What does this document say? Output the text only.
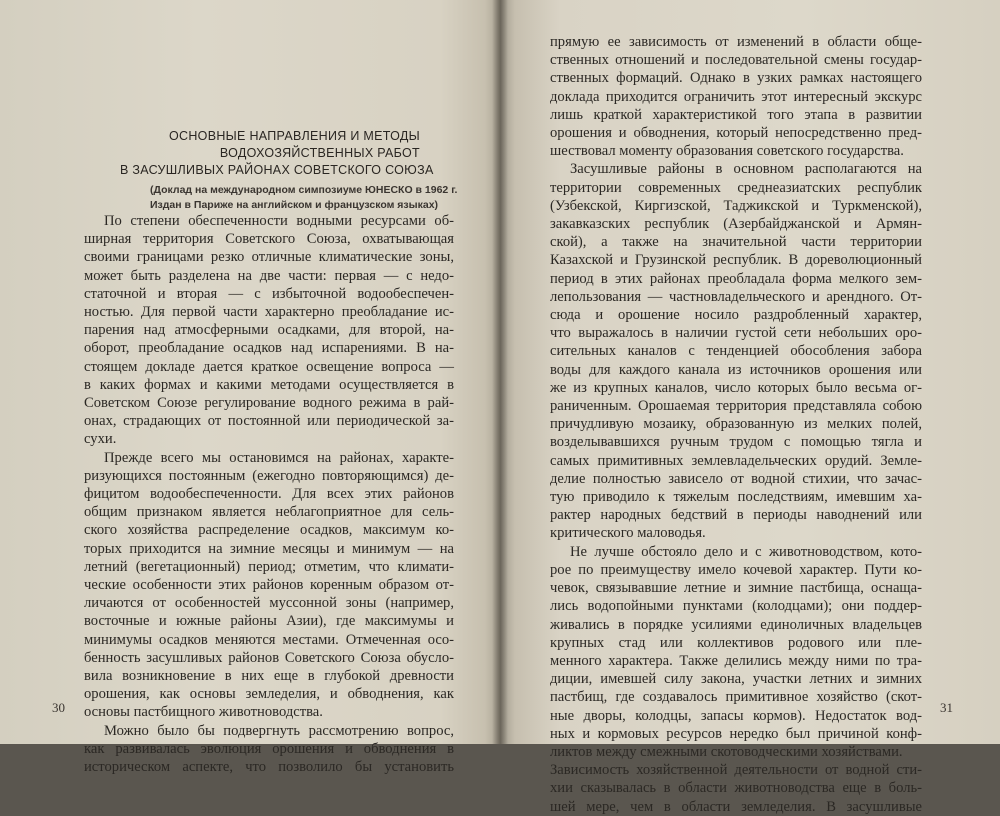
ОСНОВНЫЕ НАПРАВЛЕНИЯ И МЕТОДЫ
ВОДОХОЗЯЙСТВЕННЫХ РАБОТ
В ЗАСУШЛИВЫХ РАЙОНАХ СОВЕТСКОГО СОЮЗА
(Доклад на международном симпозиуме ЮНЕСКО в 1962 г.
Издан в Париже на английском и французском языках)
По степени обеспеченности водными ресурсами об-
ширная территория Советского Союза, охватывающая
своими границами резко отличные климатические зоны,
может быть разделена на две части: первая — с недо-
статочной и вторая — с избыточной водообеспечен-
ностью. Для первой части характерно преобладание ис-
парения над атмосферными осадками, для второй, на-
оборот, преобладание осадков над испарениями. В на-
стоящем докладе дается краткое освещение вопроса —
в каких формах и какими методами осуществляется в
Советском Союзе регулирование водного режима в рай-
онах, страдающих от постоянной или периодической за-
сухи.
Прежде всего мы остановимся на районах, характе-
ризующихся постоянным (ежегодно повторяющимся) де-
фицитом водообеспеченности. Для всех этих районов
общим признаком является неблагоприятное для сель-
ского хозяйства распределение осадков, максимум ко-
торых приходится на зимние месяцы и минимум — на
летний (вегетационный) период; отметим, что климати-
ческие особенности этих районов коренным образом от-
личаются от особенностей муссонной зоны (например,
восточные и южные районы Азии), где максимумы и
минимумы осадков меняются местами. Отмеченная осо-
бенность засушливых районов Советского Союза обусло-
вила возникновение в них еще в глубокой древности
орошения, как основы земледелия, и обводнения, как
основы пастбищного животноводства.
Можно было бы подвергнуть рассмотрению вопрос,
как развивалась эволюция орошения и обводнения в
историческом аспекте, что позволило бы установить
30
прямую ее зависимость от изменений в области обще-
ственных отношений и последовательной смены государ-
ственных формаций. Однако в узких рамках настоящего
доклада приходится ограничить этот интересный экскурс
лишь краткой характеристикой того этапа в развитии
орошения и обводнения, который непосредственно пред-
шествовал моменту образования советского государства.
Засушливые районы в основном располагаются на
территории современных среднеазиатских республик
(Узбекской, Киргизской, Таджикской и Туркменской),
закавказских республик (Азербайджанской и Армян-
ской), а также на значительной части территории
Казахской и Грузинской республик. В дореволюционный
период в этих районах преобладала форма мелкого зем-
лепользования — частновладельческого и арендного. От-
сюда и орошение носило раздробленный характер,
что выражалось в наличии густой сети небольших оро-
сительных каналов с тенденцией обособления забора
воды для каждого канала из источников орошения или
же из крупных каналов, число которых было весьма ог-
раниченным. Орошаемая территория представляла собою
причудливую мозаику, образованную из мелких полей,
возделывавшихся ручным трудом с помощью тягла и
самых примитивных землевладельческих орудий. Земле-
делие полностью зависело от водной стихии, что зачас-
тую приводило к тяжелым последствиям, имевшим ха-
рактер народных бедствий в периоды наводнений или
критического маловодья.
Не лучше обстояло дело и с животноводством, кото-
рое по преимуществу имело кочевой характер. Пути ко-
чевок, связывавшие летние и зимние пастбища, оснаща-
лись водопойными пунктами (колодцами); они поддер-
живались в порядке усилиями единоличных владельцев
крупных стад или коллективов родового или пле-
менного характера. Также делились между ними по тра-
диции, имевшей силу закона, участки летних и зимних
пастбищ, где создавалось примитивное хозяйство (скот-
ные дворы, колодцы, запасы кормов). Недостаток вод-
ных и кормовых ресурсов нередко был причиной конф-
ликтов между смежными скотоводческими хозяйствами.
Зависимость хозяйственной деятельности от водной сти-
хии сказывалась в области животноводства еще в боль-
шей мере, чем в области земледелия. В засушливые
31
